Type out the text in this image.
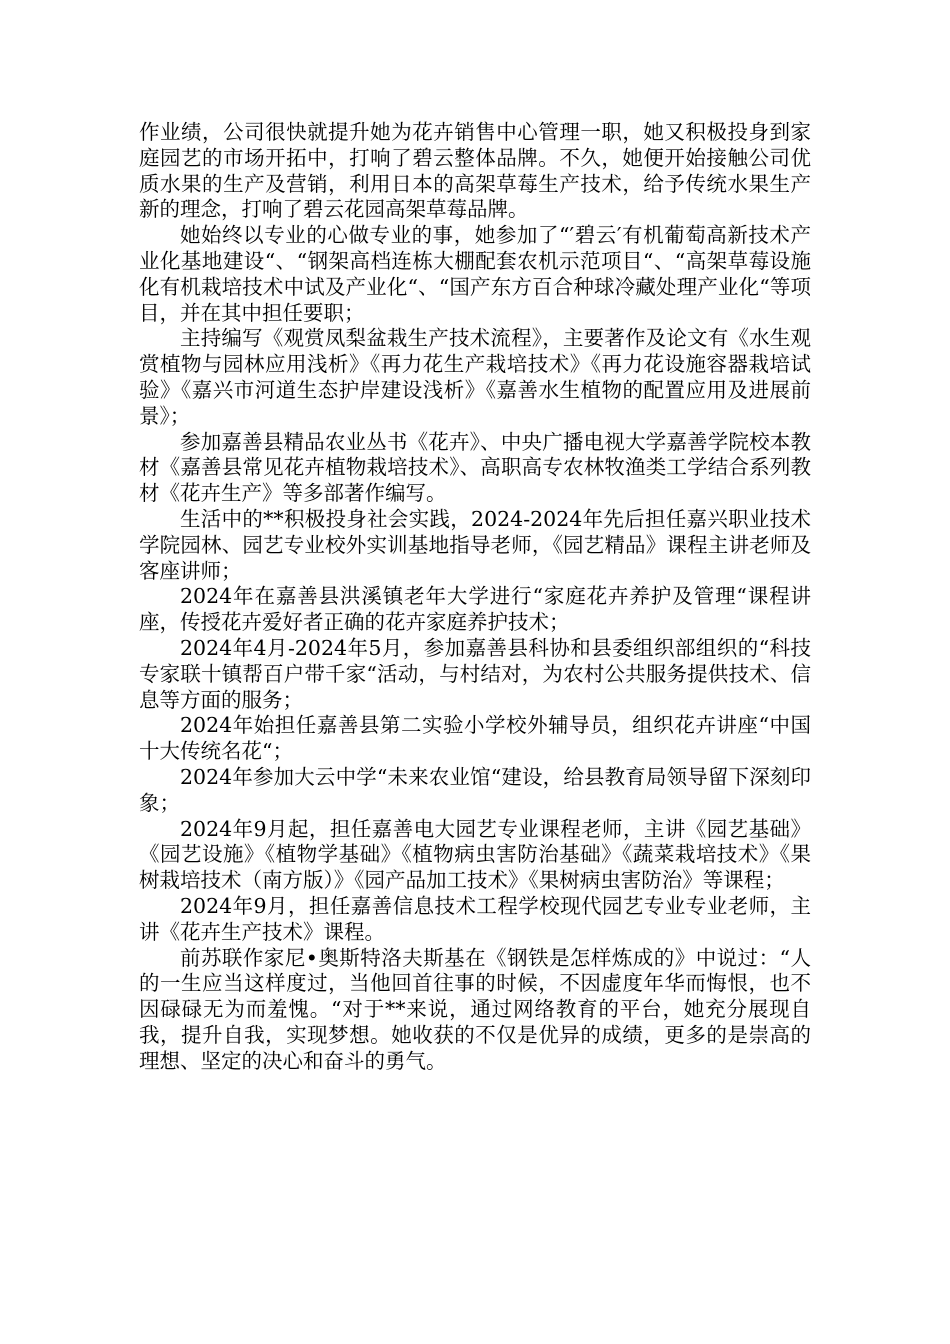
作业绩，公司很快就提升她为花卉销售中心管理一职，她又积极投身到家庭园艺的市场开拓中，打响了碧云整体品牌。不久，她便开始接触公司优质水果的生产及营销，利用日本的高架草莓生产技术，给予传统水果生产新的理念，打响了碧云花园高架草莓品牌。

她始终以专业的心做专业的事，她参加了“′碧云′有机葡萄高新技术产业化基地建设“、“钢架高档连栋大棚配套农机示范项目“、“高架草莓设施化有机栽培技术中试及产业化“、“国产东方百合种球冷藏处理产业化“等项目，并在其中担任要职；

主持编写《观赏凤梨盆栽生产技术流程》，主要著作及论文有《水生观赏植物与园林应用浅析》《再力花生产栽培技术》《再力花设施容器栽培试验》《嘉兴市河道生态护岸建设浅析》《嘉善水生植物的配置应用及进展前景》；

参加嘉善县精品农业丛书《花卉》、中央广播电视大学嘉善学院校本教材《嘉善县常见花卉植物栽培技术》、高职高专农林牧渔类工学结合系列教材《花卉生产》等多部著作编写。

生活中的**积极投身社会实践，2024-2024年先后担任嘉兴职业技术学院园林、园艺专业校外实训基地指导老师，《园艺精品》课程主讲老师及客座讲师；

2024年在嘉善县洪溪镇老年大学进行“家庭花卉养护及管理“课程讲座，传授花卉爱好者正确的花卉家庭养护技术；

2024年4月-2024年5月，参加嘉善县科协和县委组织部组织的“科技专家联十镇帮百户带千家“活动，与村结对，为农村公共服务提供技术、信息等方面的服务；

2024年始担任嘉善县第二实验小学校外辅导员，组织花卉讲座“中国十大传统名花“；

2024年参加大云中学“未来农业馆“建设，给县教育局领导留下深刻印象；

2024年9月起，担任嘉善电大园艺专业课程老师，主讲《园艺基础》《园艺设施》《植物学基础》《植物病虫害防治基础》《蔬菜栽培技术》《果树栽培技术（南方版）》《园产品加工技术》《果树病虫害防治》等课程；

2024年9月，担任嘉善信息技术工程学校现代园艺专业专业老师，主讲《花卉生产技术》课程。

前苏联作家尼•奥斯特洛夫斯基在《钢铁是怎样炼成的》中说过：“人的一生应当这样度过，当他回首往事的时候，不因虚度年华而悔恨，也不因碌碌无为而羞愧。“对于**来说，通过网络教育的平台，她充分展现自我，提升自我，实现梦想。她收获的不仅是优异的成绩，更多的是崇高的理想、坚定的决心和奋斗的勇气。
